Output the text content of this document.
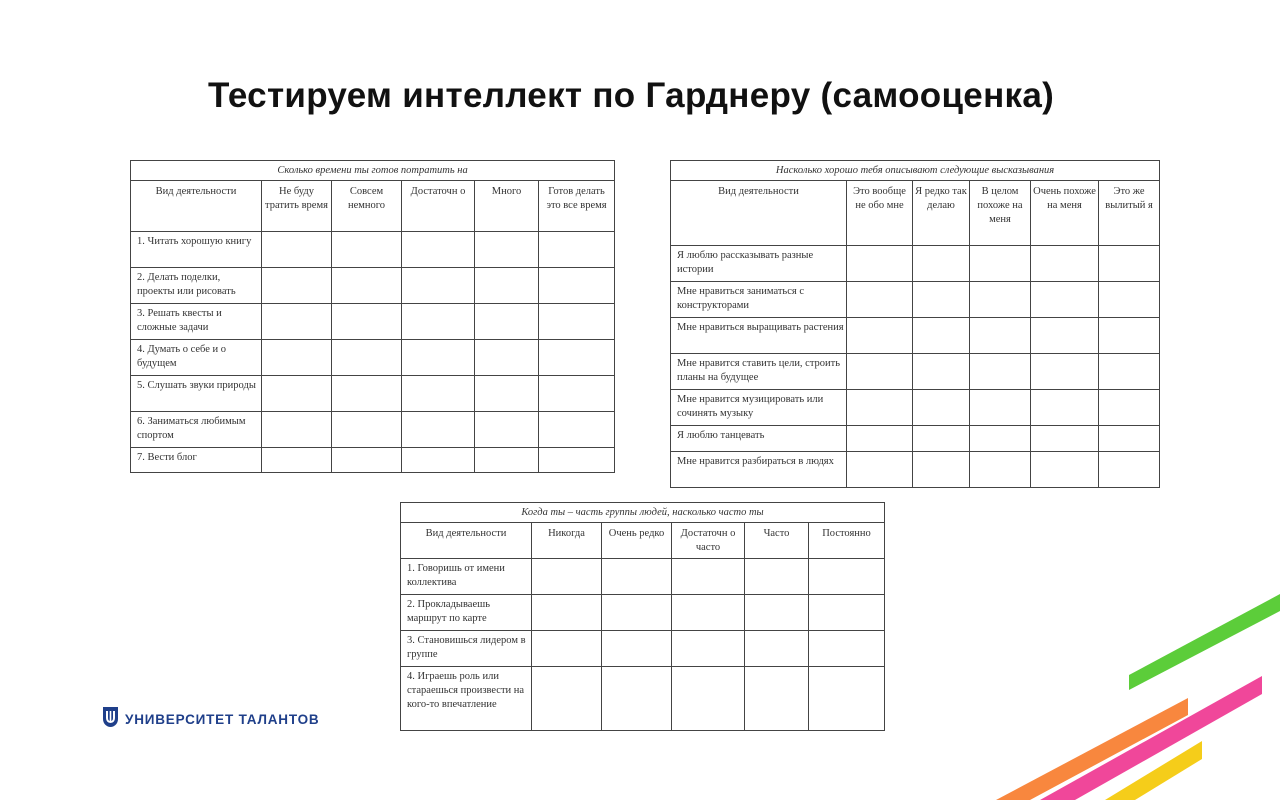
Тестируем интеллект по Гарднеру (самооценка)
Сколько времени ты готов потратить на					
Вид деятельности	Не буду тратить время	Совсем немного	Достаточн о	Много	Готов делать это все время
1. Читать хорошую книгу					
2. Делать поделки, проекты или рисовать					
3. Решать квесты и сложные задачи					
4. Думать о себе и о будущем					
5. Слушать звуки природы					
6. Заниматься любимым спортом					
7. Вести блог					
Насколько хорошо тебя описывают следующие высказывания					
Вид деятельности	Это вообще не обо мне	Я редко так делаю	В целом похоже на меня	Очень похоже на меня	Это же вылитый я
Я люблю рассказывать разные истории					
Мне нравиться заниматься с конструкторами					
Мне нравиться выращивать растения					
Мне нравится ставить цели, строить планы на будущее					
Мне нравится музицировать или сочинять музыку					
Я люблю танцевать					
Мне нравится разбираться в людях					
Когда ты – часть группы людей, насколько часто ты					
Вид деятельности	Никогда	Очень редко	Достаточн о часто	Часто	Постоянно
1. Говоришь от имени коллектива					
2. Прокладываешь маршрут по карте					
3. Становишься лидером в группе					
4. Играешь роль или стараешься произвести на кого-то впечатление					
УНИВЕРСИТЕТ ТАЛАНТОВ
